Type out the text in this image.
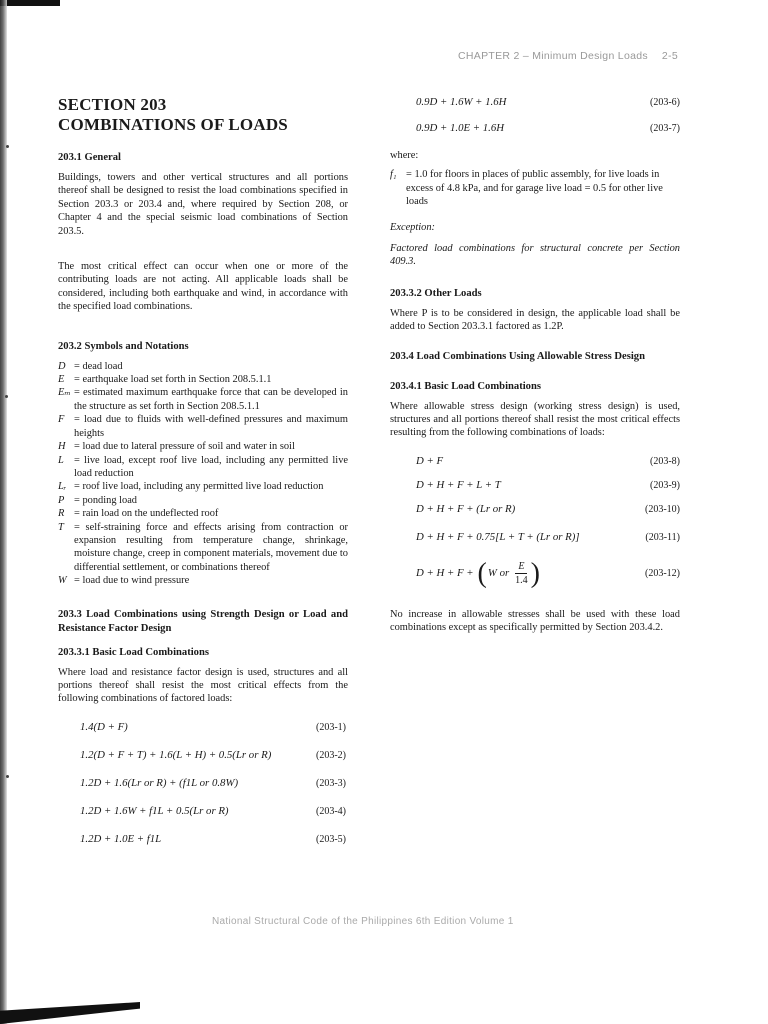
CHAPTER 2 – Minimum Design Loads 2-5
SECTION 203
COMBINATIONS OF LOADS
203.1 General

Buildings, towers and other vertical structures and all portions thereof shall be designed to resist the load combinations specified in Section 203.3 or 203.4 and, where required by Section 208, or Chapter 4 and the special seismic load combinations of Section 203.5.

The most critical effect can occur when one or more of the contributing loads are not acting. All applicable loads shall be considered, including both earthquake and wind, in accordance with the specified load combinations.

203.2 Symbols and Notations
D = dead load
E = earthquake load set forth in Section 208.5.1.1
Eₘ = estimated maximum earthquake force that can be developed in the structure as set forth in Section 208.5.1.1
F = load due to fluids with well-defined pressures and maximum heights
H = load due to lateral pressure of soil and water in soil
L = live load, except roof live load, including any permitted live load reduction
Lᵣ = roof live load, including any permitted live load reduction
P = ponding load
R = rain load on the undeflected roof
T = self-straining force and effects arising from contraction or expansion resulting from temperature change, shrinkage, moisture change, creep in component materials, movement due to differential settlement, or combinations thereof
W = load due to wind pressure
203.3 Load Combinations using Strength Design or Load and Resistance Factor Design
203.3.1 Basic Load Combinations

Where load and resistance factor design is used, structures and all portions thereof shall resist the most critical effects from the following combinations of factored loads:

1.4(D + F)	(203-1)
1.2(D + F + T) + 1.6(L + H) + 0.5(Lr or R)	(203-2)
1.2D + 1.6(Lr or R) + (f1L or 0.8W)	(203-3)
1.2D + 1.6W + f1L + 0.5(Lr or R)	(203-4)
1.2D + 1.0E + f1L	(203-5)
0.9D + 1.6W + 1.6H	(203-6)
0.9D + 1.0E + 1.6H	(203-7)

where:

f₁ = 1.0 for floors in places of public assembly, for live loads in excess of 4.8 kPa, and for garage live load = 0.5 for other live loads

Exception:

Factored load combinations for structural concrete per Section 409.3.

203.3.2 Other Loads

Where P is to be considered in design, the applicable load shall be added to Section 203.3.1 factored as 1.2P.

203.4 Load Combinations Using Allowable Stress Design
203.4.1 Basic Load Combinations

Where allowable stress design (working stress design) is used, structures and all portions thereof shall resist the most critical effects resulting from the following combinations of loads:

D + F	(203-8)
D + H + F + L + T	(203-9)
D + H + F + (Lr or R)	(203-10)
D + H + F + 0.75[L + T + (Lr or R)]	(203-11)
D + H + F + ( W or $\frac{E}{1.4}$ )	(203-12)

No increase in allowable stresses shall be used with these load combinations except as specifically permitted by Section 203.4.2.

National Structural Code of the Philippines 6th Edition Volume 1
